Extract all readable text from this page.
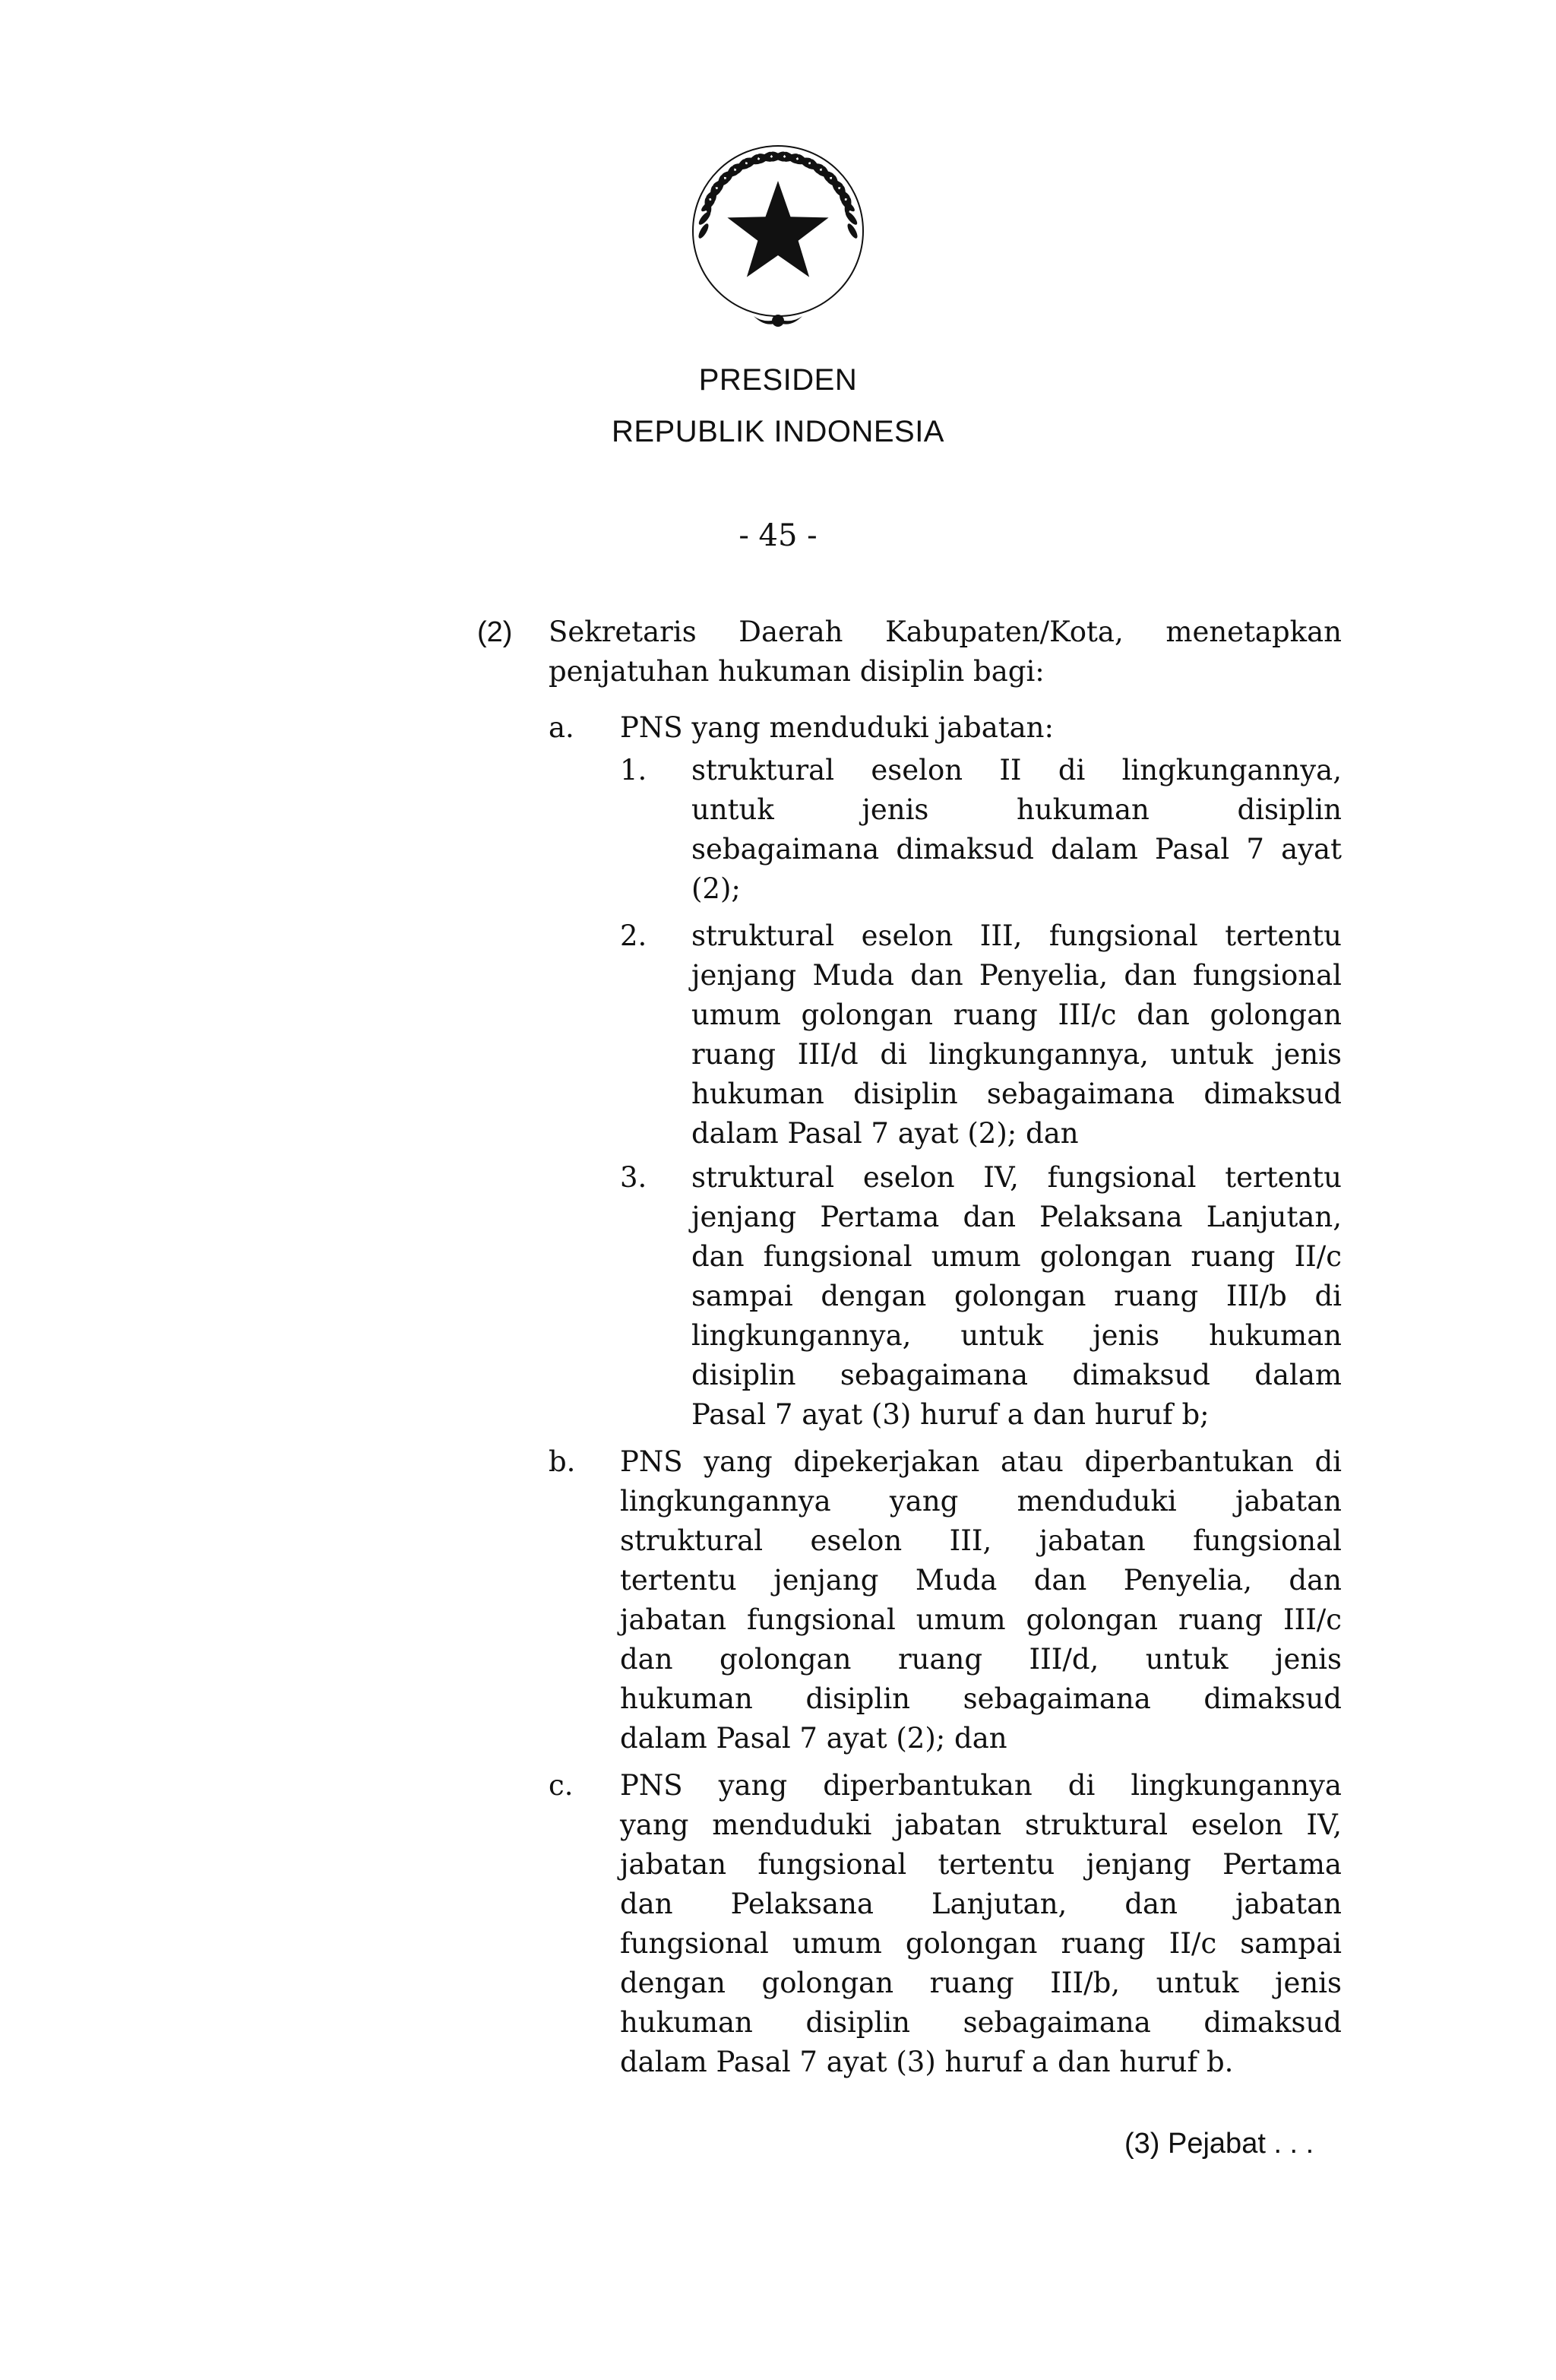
PRESIDEN
REPUBLIK INDONESIA
- 45 -
(2) Sekretaris Daerah Kabupaten/Kota, menetapkan
penjatuhan hukuman disiplin bagi:
a. PNS yang menduduki jabatan:
1. struktural eselon II di lingkungannya,
untuk jenis hukuman disiplin
sebagaimana dimaksud dalam Pasal 7 ayat
(2);
2. struktural eselon III, fungsional tertentu
jenjang Muda dan Penyelia, dan fungsional
umum golongan ruang III/c dan golongan
ruang III/d di lingkungannya, untuk jenis
hukuman disiplin sebagaimana dimaksud
dalam Pasal 7 ayat (2); dan
3. struktural eselon IV, fungsional tertentu
jenjang Pertama dan Pelaksana Lanjutan,
dan fungsional umum golongan ruang II/c
sampai dengan golongan ruang III/b di
lingkungannya, untuk jenis hukuman
disiplin sebagaimana dimaksud dalam
Pasal 7 ayat (3) huruf a dan huruf b;
b. PNS yang dipekerjakan atau diperbantukan di
lingkungannya yang menduduki jabatan
struktural eselon III, jabatan fungsional
tertentu jenjang Muda dan Penyelia, dan
jabatan fungsional umum golongan ruang III/c
dan golongan ruang III/d, untuk jenis
hukuman disiplin sebagaimana dimaksud
dalam Pasal 7 ayat (2); dan
c. PNS yang diperbantukan di lingkungannya
yang menduduki jabatan struktural eselon IV,
jabatan fungsional tertentu jenjang Pertama
dan Pelaksana Lanjutan, dan jabatan
fungsional umum golongan ruang II/c sampai
dengan golongan ruang III/b, untuk jenis
hukuman disiplin sebagaimana dimaksud
dalam Pasal 7 ayat (3) huruf a dan huruf b.
(3) Pejabat . . .
